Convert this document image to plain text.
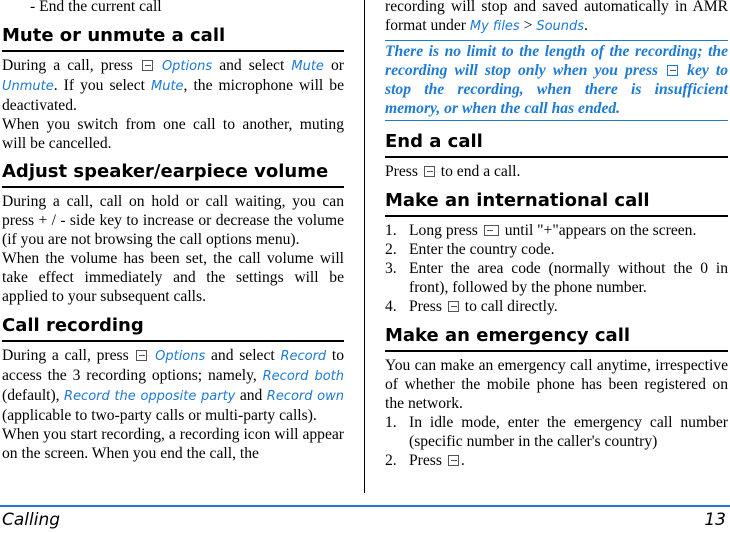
- End the current call

Mute or unmute a call

During a call, press Options and select Mute or Unmute. If you select Mute, the microphone will be deactivated.

When you switch from one call to another, muting will be cancelled.

Adjust speaker/earpiece volume

During a call, call on hold or call waiting, you can press + / - side key to increase or decrease the volume (if you are not browsing the call options menu).

When the volume has been set, the call volume will take effect immediately and the settings will be applied to your subsequent calls.

Call recording

During a call, press Options and select Record to access the 3 recording options; namely, Record both (default), Record the opposite party and Record own (applicable to two-party calls or multi-party calls).

When you start recording, a recording icon will appear on the screen. When you end the call, the

recording will stop and saved automatically in AMR format under My files > Sounds.

There is no limit to the length of the recording; the recording will stop only when you press key to stop the recording, when there is insufficient memory, or when the call has ended.
End a call

Press to end a call.

Make an international call
1. Long press until "+"appears on the screen.
2. Enter the country code.
3. Enter the area code (normally without the 0 in front), followed by the phone number.
4. Press to call directly.
Make an emergency call

You can make an emergency call anytime, irrespective of whether the mobile phone has been registered on the network.

1. In idle mode, enter the emergency call number (specific number in the caller's country)
2. Press .
Calling	13
